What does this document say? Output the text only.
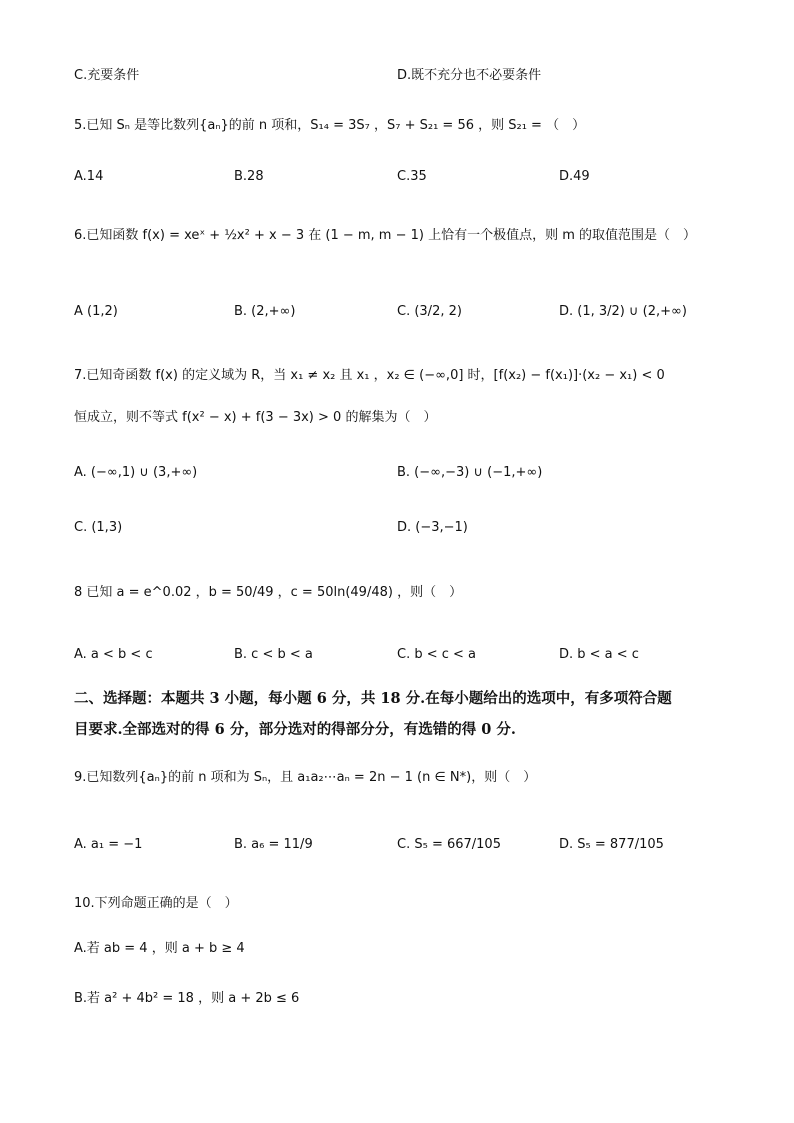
C.充要条件	D.既不充分也不必要条件
5.已知 Sₙ 是等比数列{aₙ}的前 n 项和，S₁₄ = 3S₇ ，S₇ + S₂₁ = 56 ，则 S₂₁ = （　）
A.14	B.28	C.35	D.49
6.已知函数 f(x) = xeˣ + ½x² + x − 3 在 (1 − m, m − 1) 上恰有一个极值点，则 m 的取值范围是（　）
A (1,2)	B. (2,+∞)	C. (3/2, 2)	D. (1, 3/2) ∪ (2,+∞)
7.已知奇函数 f(x) 的定义域为 R，当 x₁ ≠ x₂ 且 x₁ ，x₂ ∈ (−∞,0] 时，[f(x₂) − f(x₁)]·(x₂ − x₁) < 0
恒成立，则不等式 f(x² − x) + f(3 − 3x) > 0 的解集为（　）
A. (−∞,1) ∪ (3,+∞)	B. (−∞,−3) ∪ (−1,+∞)
C. (1,3)	D. (−3,−1)
8 已知 a = e^0.02 ，b = 50/49 ，c = 50ln(49/48) ，则（　）
A. a < b < c	B. c < b < a	C. b < c < a	D. b < a < c
二、选择题：本题共 3 小题，每小题 6 分，共 18 分.在每小题给出的选项中，有多项符合题
目要求.全部选对的得 6 分，部分选对的得部分分，有选错的得 0 分.
9.已知数列{aₙ}的前 n 项和为 Sₙ，且 a₁a₂⋯aₙ = 2n − 1 (n ∈ N*)，则（　）
A. a₁ = −1	B. a₆ = 11/9	C. S₅ = 667/105	D. S₅ = 877/105
10.下列命题正确的是（　）
A.若 ab = 4 ，则 a + b ≥ 4
B.若 a² + 4b² = 18 ，则 a + 2b ≤ 6
